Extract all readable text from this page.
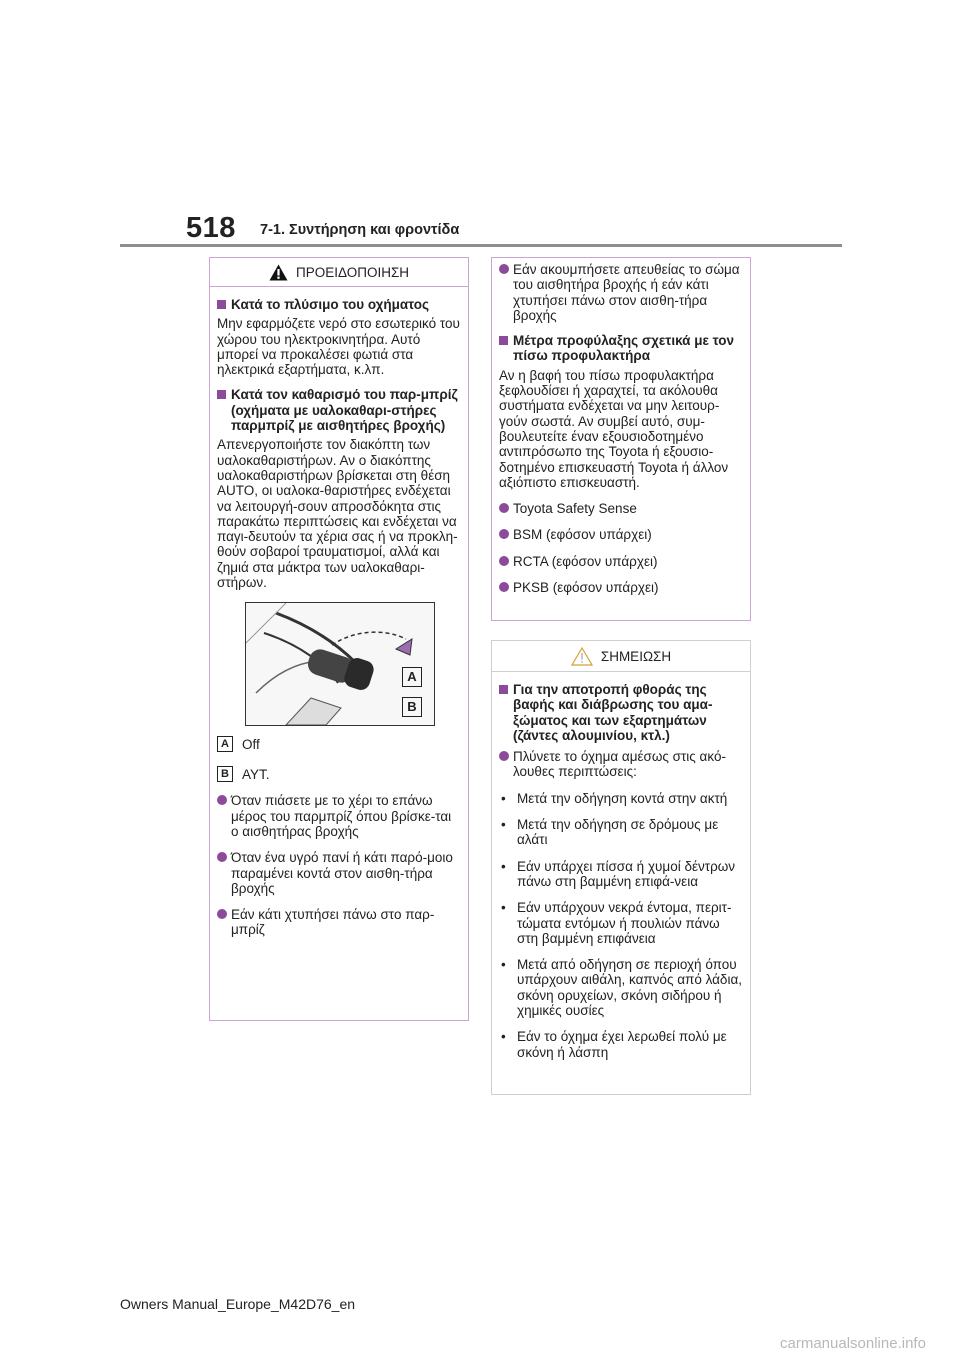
518 7-1. Συντήρηση και φροντίδα
ΠΡΟΕΙΔΟΠΟΙΗΣΗ
Κατά το πλύσιμο του οχήματος

Μην εφαρμόζετε νερό στο εσωτερικό του χώρου του ηλεκτροκινητήρα. Αυτό μπορεί να προκαλέσει φωτιά στα ηλεκτρικά εξαρτήματα, κ.λπ.

Κατά τον καθαρισμό του παρ-μπρίζ (οχήματα με υαλοκαθαρι-στήρες παρμπρίζ με αισθητήρες βροχής)

Απενεργοποιήστε τον διακόπτη των υαλοκαθαριστήρων. Αν ο διακόπτης υαλοκαθαριστήρων βρίσκεται στη θέση AUTO, οι υαλοκα-θαριστήρες ενδέχεται να λειτουργή-σουν απροσδόκητα στις παρακάτω περιπτώσεις και ενδέχεται να παγι-δευτούν τα χέρια σας ή να προκλη-θούν σοβαροί τραυματισμοί, αλλά και ζημιά στα μάκτρα των υαλοκαθαρι-στήρων.

A
B
A Off
B ΑΥΤ.
Όταν πιάσετε με το χέρι το επάνω μέρος του παρμπρίζ όπου βρίσκε-ται ο αισθητήρας βροχής
Όταν ένα υγρό πανί ή κάτι παρό-μοιο παραμένει κοντά στον αισθη-τήρα βροχής
Εάν κάτι χτυπήσει πάνω στο παρ-μπρίζ
Εάν ακουμπήσετε απευθείας το σώμα του αισθητήρα βροχής ή εάν κάτι χτυπήσει πάνω στον αισθη-τήρα βροχής
Μέτρα προφύλαξης σχετικά με τον πίσω προφυλακτήρα

Αν η βαφή του πίσω προφυλακτήρα ξεφλουδίσει ή χαραχτεί, τα ακόλουθα συστήματα ενδέχεται να μην λειτουρ-γούν σωστά. Αν συμβεί αυτό, συμ-βουλευτείτε έναν εξουσιοδοτημένο αντιπρόσωπο της Toyota ή εξουσιο-δοτημένο επισκευαστή Toyota ή άλλον αξιόπιστο επισκευαστή.

Toyota Safety Sense
BSM (εφόσον υπάρχει)
RCTA (εφόσον υπάρχει)
PKSB (εφόσον υπάρχει)
ΣΗΜΕΙΩΣΗ
Για την αποτροπή φθοράς της βαφής και διάβρωσης του αμα-ξώματος και των εξαρτημάτων (ζάντες αλουμινίου, κτλ.)
Πλύνετε το όχημα αμέσως στις ακό-λουθες περιπτώσεις:
• Μετά την οδήγηση κοντά στην ακτή
• Μετά την οδήγηση σε δρόμους με αλάτι
• Εάν υπάρχει πίσσα ή χυμοί δέντρων πάνω στη βαμμένη επιφά-νεια
• Εάν υπάρχουν νεκρά έντομα, περιτ-τώματα εντόμων ή πουλιών πάνω στη βαμμένη επιφάνεια
• Μετά από οδήγηση σε περιοχή όπου υπάρχουν αιθάλη, καπνός από λάδια, σκόνη ορυχείων, σκόνη σιδήρου ή χημικές ουσίες
• Εάν το όχημα έχει λερωθεί πολύ με σκόνη ή λάσπη
Owners Manual_Europe_M42D76_en
carmanualsonline.info
